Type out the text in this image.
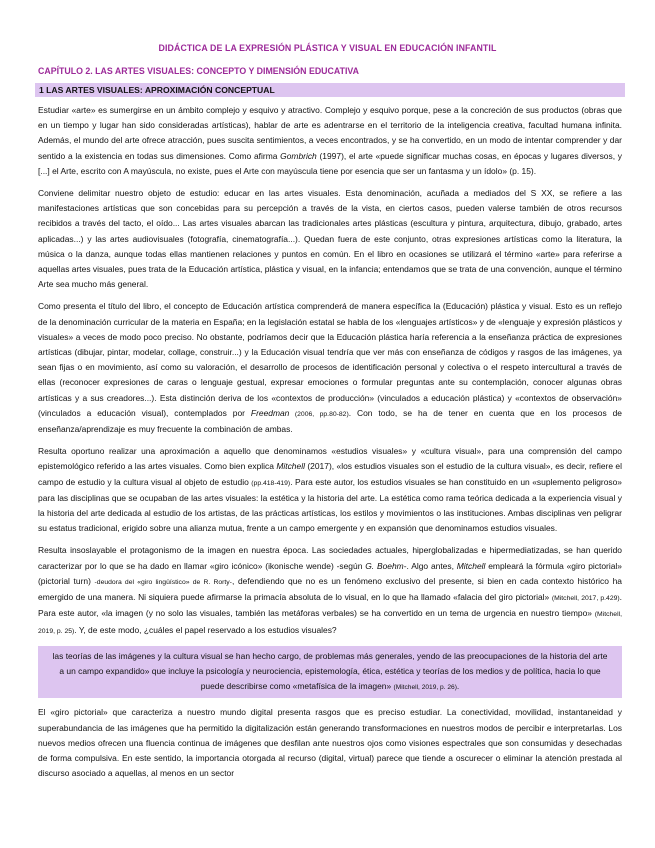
DIDÁCTICA DE LA EXPRESIÓN PLÁSTICA Y VISUAL EN EDUCACIÓN INFANTIL
CAPÍTULO 2. LAS ARTES VISUALES: CONCEPTO Y DIMENSIÓN EDUCATIVA
1 LAS ARTES VISUALES: APROXIMACIÓN CONCEPTUAL

Estudiar «arte» es sumergirse en un ámbito complejo y esquivo y atractivo. Complejo y esquivo porque, pese a la concreción de sus productos (obras que en un tiempo y lugar han sido consideradas artísticas), hablar de arte es adentrarse en el territorio de la inteligencia creativa, facultad humana infinita. Además, el mundo del arte ofrece atracción, pues suscita sentimientos, a veces encontrados, y se ha convertido, en un modo de intentar comprender y dar sentido a la existencia en todas sus dimensiones. Como afirma Gombrich (1997), el arte «puede significar muchas cosas, en épocas y lugares diversos, y [...] el Arte, escrito con A mayúscula, no existe, pues el Arte con mayúscula tiene por esencia que ser un fantasma y un ídolo» (p. 15).

Conviene delimitar nuestro objeto de estudio: educar en las artes visuales. Esta denominación, acuñada a mediados del S XX, se refiere a las manifestaciones artísticas que son concebidas para su percepción a través de la vista, en ciertos casos, pueden valerse también de otros recursos recibidos a través del tacto, el oído... Las artes visuales abarcan las tradicionales artes plásticas (escultura y pintura, arquitectura, dibujo, grabado, artes aplicadas...) y las artes audiovisuales (fotografía, cinematografía...). Quedan fuera de este conjunto, otras expresiones artísticas como la literatura, la música o la danza, aunque todas ellas mantienen relaciones y puntos en común. En el libro en ocasiones se utilizará el término «arte» para referirse a aquellas artes visuales, pues trata de la Educación artística, plástica y visual, en la infancia; entendamos que se trata de una convención, aunque el término Arte sea mucho más general.

Como presenta el título del libro, el concepto de Educación artística comprenderá de manera específica la (Educación) plástica y visual. Esto es un reflejo de la denominación curricular de la materia en España; en la legislación estatal se habla de los «lenguajes artísticos» y de «lenguaje y expresión plásticos y visuales» a veces de modo poco preciso. No obstante, podríamos decir que la Educación plástica haría referencia a la enseñanza práctica de expresiones artísticas (dibujar, pintar, modelar, collage, construir...) y la Educación visual tendría que ver más con enseñanza de códigos y rasgos de las imágenes, ya sean fijas o en movimiento, así como su valoración, el desarrollo de procesos de identificación personal y colectiva o el respeto intercultural a través de ellas (reconocer expresiones de caras o lenguaje gestual, expresar emociones o formular preguntas ante su contemplación, conocer algunas obras artísticas y a sus creadores...). Esta distinción deriva de los «contextos de producción» (vinculados a educación plástica) y «contextos de observación» (vinculados a educación visual), contemplados por Freedman (2006, pp.80-82). Con todo, se ha de tener en cuenta que en los procesos de enseñanza/aprendizaje es muy frecuente la combinación de ambas.

Resulta oportuno realizar una aproximación a aquello que denominamos «estudios visuales» y «cultura visual», para una comprensión del campo epistemológico referido a las artes visuales. Como bien explica Mitchell (2017), «los estudios visuales son el estudio de la cultura visual», es decir, refiere el campo de estudio y la cultura visual al objeto de estudio (pp.418-419). Para este autor, los estudios visuales se han constituido en un «suplemento peligroso» para las disciplinas que se ocupaban de las artes visuales: la estética y la historia del arte. La estética como rama teórica dedicada a la experiencia visual y la historia del arte dedicada al estudio de los artistas, de las prácticas artísticas, los estilos y movimientos o las instituciones. Ambas disciplinas ven peligrar su estatus tradicional, erigido sobre una alianza mutua, frente a un campo emergente y en expansión que denominamos estudios visuales.

Resulta insoslayable el protagonismo de la imagen en nuestra época. Las sociedades actuales, hiperglobalizadas e hipermediatizadas, se han querido caracterizar por lo que se ha dado en llamar «giro icónico» (ikonische wende) -según G. Boehm-. Algo antes, Mitchell empleará la fórmula «giro pictorial» (pictorial turn) -deudora del «giro lingüístico» de R. Rorty-, defendiendo que no es un fenómeno exclusivo del presente, si bien en cada contexto histórico ha emergido de una manera. Ni siquiera puede afirmarse la primacía absoluta de lo visual, en lo que ha llamado «falacia del giro pictorial» (Mitchell, 2017, p.429). Para este autor, «la imagen (y no solo las visuales, también las metáforas verbales) se ha convertido en un tema de urgencia en nuestro tiempo» (Mitchell, 2019, p. 25). Y, de este modo, ¿cuáles el papel reservado a los estudios visuales?

las teorías de las imágenes y la cultura visual se han hecho cargo, de problemas más generales, yendo de las preocupaciones de la historia del arte a un campo expandido» que incluye la psicología y neurociencia, epistemología, ética, estética y teorías de los medios y de política, hacia lo que puede describirse como «metafísica de la imagen» (Mitchell, 2019, p. 26).

El «giro pictorial» que caracteriza a nuestro mundo digital presenta rasgos que es preciso estudiar. La conectividad, movilidad, instantaneidad y superabundancia de las imágenes que ha permitido la digitalización están generando transformaciones en nuestros modos de percibir e interpretarlas. Los nuevos medios ofrecen una fluencia continua de imágenes que desfilan ante nuestros ojos como visiones espectrales que son consumidas y desechadas de forma compulsiva. En este sentido, la importancia otorgada al recurso (digital, virtual) parece que tiende a oscurecer o eliminar la atención prestada al discurso asociado a aquellas, al menos en un sector
